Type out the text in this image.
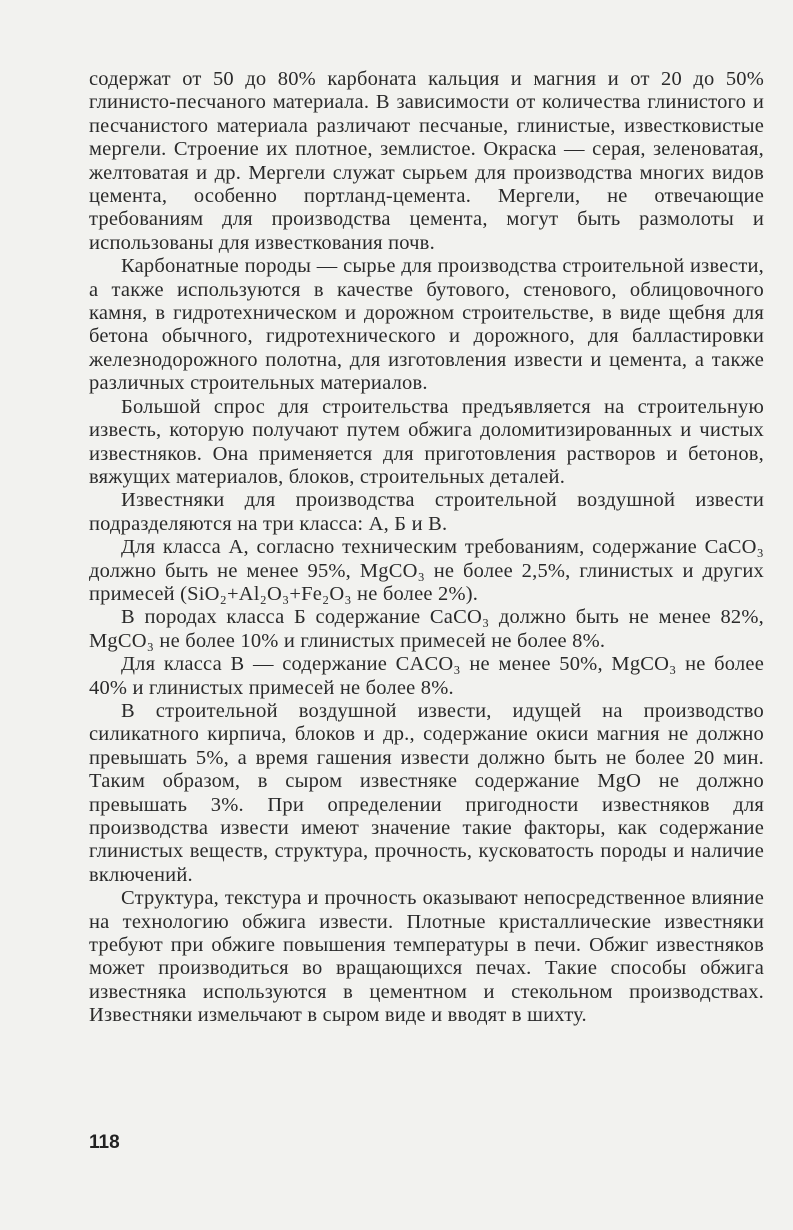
содержат от 50 до 80% карбоната кальция и магния и от 20 до 50% глинисто-песчаного материала. В зависимости от количества глинистого и песчанистого материала различают песчаные, глинистые, известковистые мергели. Строение их плотное, землистое. Окраска — серая, зеленоватая, желтоватая и др. Мергели служат сырьем для производства многих видов цемента, особенно портланд-цемента. Мергели, не отвечающие требованиям для производства цемента, могут быть размолоты и использованы для известкования почв.

Карбонатные породы — сырье для производства строительной извести, а также используются в качестве бутового, стенового, облицовочного камня, в гидротехническом и дорожном строительстве, в виде щебня для бетона обычного, гидротехнического и дорожного, для балластировки железнодорожного полотна, для изготовления извести и цемента, а также различных строительных материалов.

Большой спрос для строительства предъявляется на строительную известь, которую получают путем обжига доломитизированных и чистых известняков. Она применяется для приготовления растворов и бетонов, вяжущих материалов, блоков, строительных деталей.

Известняки для производства строительной воздушной извести подразделяются на три класса: А, Б и В.

Для класса А, согласно техническим требованиям, содержание CaCO₃ должно быть не менее 95%, MgCO₃ не более 2,5%, глинистых и других примесей (SiO₂+Al₂O₃+Fe₂O₃ не более 2%).

В породах класса Б содержание CaCO₃ должно быть не менее 82%, MgCO₃ не более 10% и глинистых примесей не более 8%.

Для класса В — содержание CACO₃ не менее 50%, MgCO₃ не более 40% и глинистых примесей не более 8%.

В строительной воздушной извести, идущей на производство силикатного кирпича, блоков и др., содержание окиси магния не должно превышать 5%, а время гашения извести должно быть не более 20 мин. Таким образом, в сыром известняке содержание MgO не должно превышать 3%. При определении пригодности известняков для производства извести имеют значение такие факторы, как содержание глинистых веществ, структура, прочность, кусковатость породы и наличие включений.

Структура, текстура и прочность оказывают непосредственное влияние на технологию обжига извести. Плотные кристаллические известняки требуют при обжиге повышения температуры в печи. Обжиг известняков может производиться во вращающихся печах. Такие способы обжига известняка используются в цементном и стекольном производствах. Известняки измельчают в сыром виде и вводят в шихту.

118
